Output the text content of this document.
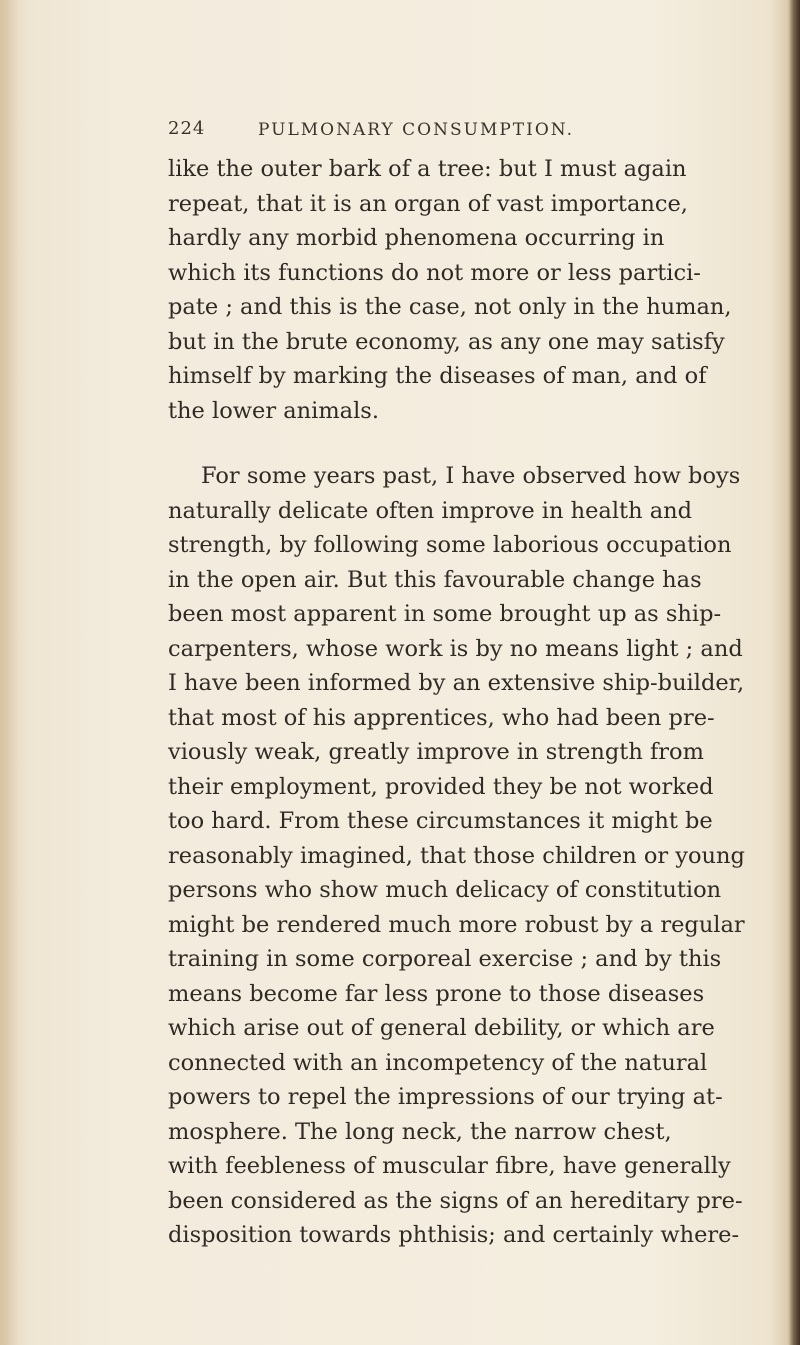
224	PULMONARY CONSUMPTION.

like the outer bark of a tree: but I must again
repeat, that it is an organ of vast importance,
hardly any morbid phenomena occurring in
which its functions do not more or less partici-
pate ; and this is the case, not only in the human,
but in the brute economy, as any one may satisfy
himself by marking the diseases of man, and of
the lower animals.

For some years past, I have observed how boys
naturally delicate often improve in health and
strength, by following some laborious occupation
in the open air. But this favourable change has
been most apparent in some brought up as ship-
carpenters, whose work is by no means light ; and
I have been informed by an extensive ship-builder,
that most of his apprentices, who had been pre-
viously weak, greatly improve in strength from
their employment, provided they be not worked
too hard. From these circumstances it might be
reasonably imagined, that those children or young
persons who show much delicacy of constitution
might be rendered much more robust by a regular
training in some corporeal exercise ; and by this
means become far less prone to those diseases
which arise out of general debility, or which are
connected with an incompetency of the natural
powers to repel the impressions of our trying at-
mosphere. The long neck, the narrow chest,
with feebleness of muscular fibre, have generally
been considered as the signs of an hereditary pre-
disposition towards phthisis; and certainly where-
